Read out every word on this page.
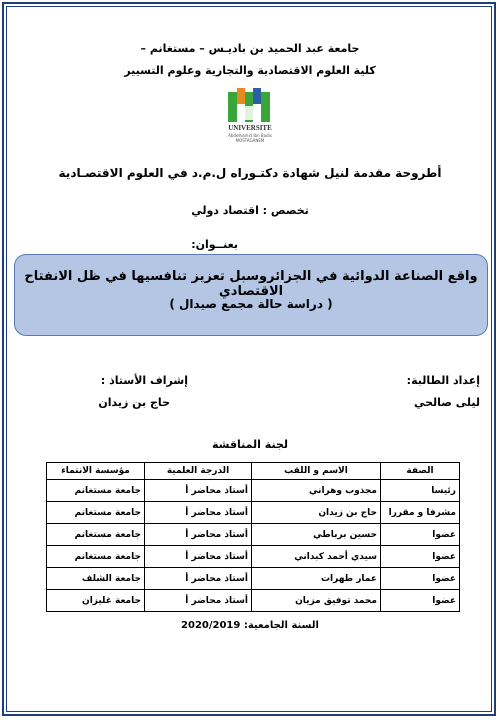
جامعة عبد الحميد بن باديـس – مستغانم –
كلية العلوم الاقتصادية والتجارية وعلوم التسيير
UNIVERSITE
Abdelhamid Ibn Badis MOSTAGANEM
أطروحة مقدمة لنيل شهادة دكتـوراه ل.م.د في العلوم الاقتصـادية
تخصص : اقتصاد دولي
بعنــوان:
واقع الصناعة الدوائية في الجزائروسبل تعزيز تنافسيها في ظل الانفتاح الاقتصادي
( دراسة حالة مجمع صيدال )
إعداد الطالبة:
ليلى صالحي
إشراف الأستاذ :
حاج بن زيدان
لجنة المناقشة
الصفة	الاسم و اللقب	الدرجة العلمية	مؤسسة الانتماء
رئيسا	مجذوب وهراني	أستاذ محاضر أ	جامعة مستغانم
مشرفا و مقررا	حاج بن زيدان	أستاذ محاضر أ	جامعة مستغانم
عضوا	حسين برباطي	أستاذ محاضر أ	جامعة مستغانم
عضوا	سيدي أحمد كبداني	أستاذ محاضر أ	جامعة مستغانم
عضوا	عمار طهرات	أستاذ محاضر أ	جامعة الشلف
عضوا	محمد توفيق مزيان	أستاذ محاضر أ	جامعة غليزان
السنة الجامعية: 2020/2019
